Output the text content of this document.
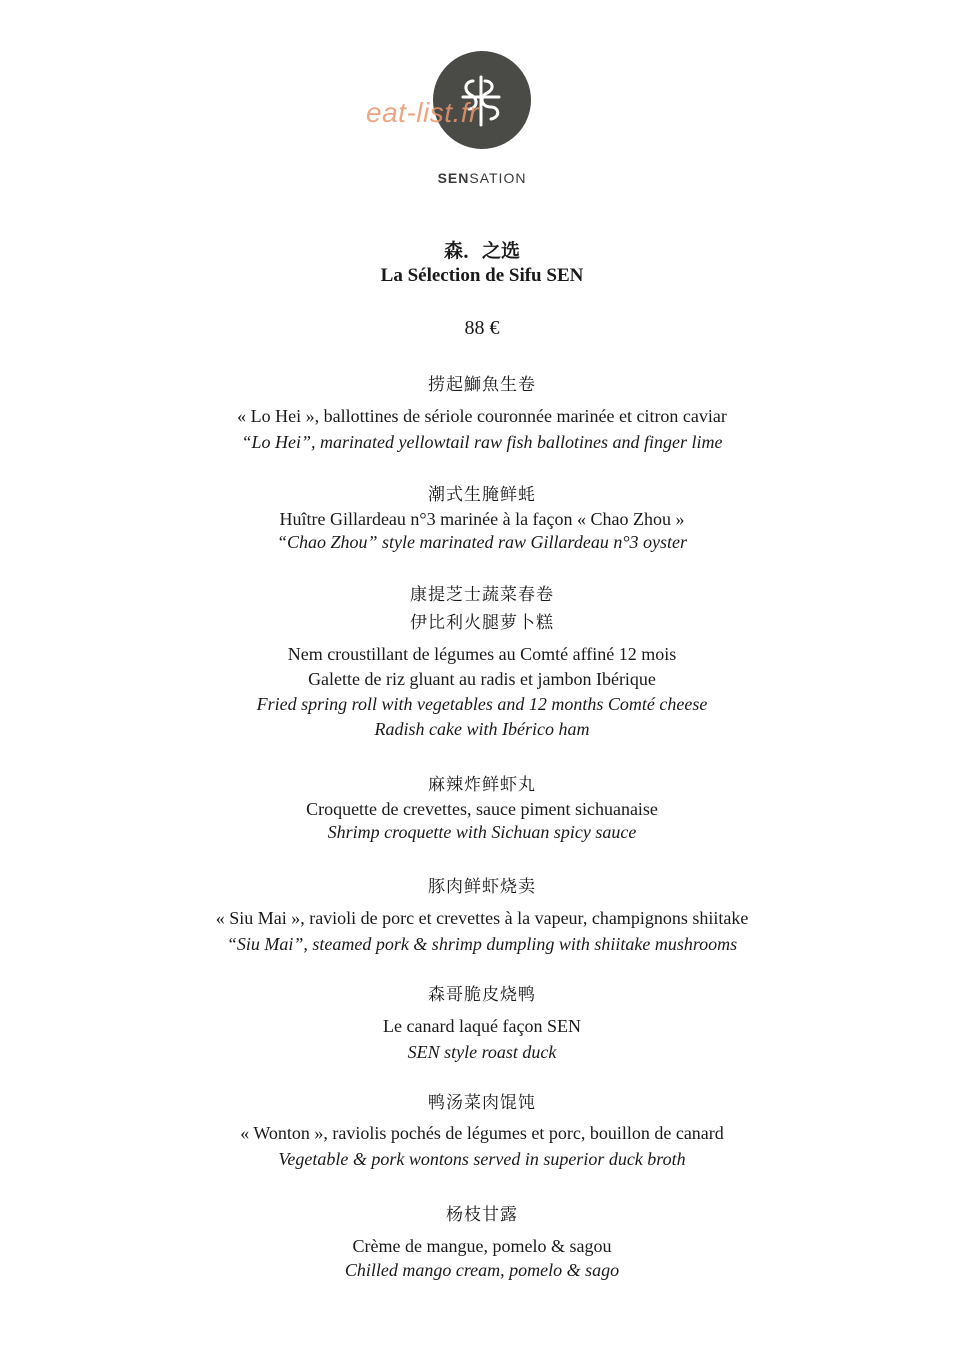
eat-list.fr
SENSATION
森．之选
La Sélection de Sifu SEN
88 €
捞起鰤魚生卷
« Lo Hei », ballottines de sériole couronnée marinée et citron caviar
“Lo Hei”, marinated yellowtail raw fish ballotines and finger lime
潮式生腌鲜蚝
Huître Gillardeau n°3 marinée à la façon « Chao Zhou »
“Chao Zhou” style marinated raw Gillardeau n°3 oyster
康提芝士蔬菜春卷
伊比利火腿萝卜糕
Nem croustillant de légumes au Comté affiné 12 mois
Galette de riz gluant au radis et jambon Ibérique
Fried spring roll with vegetables and 12 months Comté cheese
Radish cake with Ibérico ham
麻辣炸鲜虾丸
Croquette de crevettes, sauce piment sichuanaise
Shrimp croquette with Sichuan spicy sauce
豚肉鲜虾烧卖
« Siu Mai », ravioli de porc et crevettes à la vapeur, champignons shiitake
“Siu Mai”, steamed pork & shrimp dumpling with shiitake mushrooms
森哥脆皮烧鸭
Le canard laqué façon SEN
SEN style roast duck
鸭汤菜肉馄饨
« Wonton », raviolis pochés de légumes et porc, bouillon de canard
Vegetable & pork wontons served in superior duck broth
杨枝甘露
Crème de mangue, pomelo & sagou
Chilled mango cream, pomelo & sago
